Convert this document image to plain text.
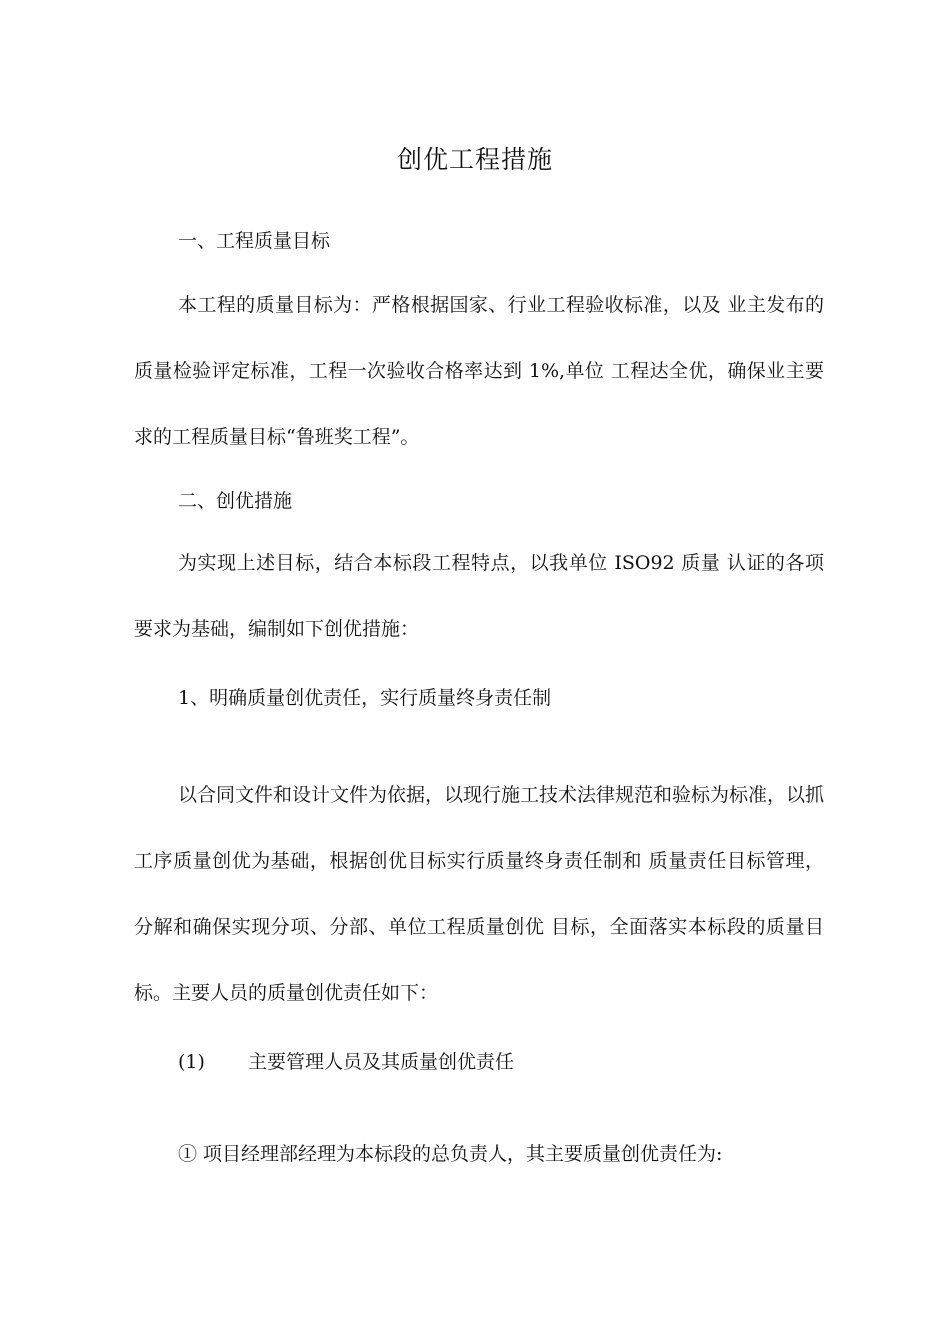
创优工程措施
一、工程质量目标
本工程的质量目标为：严格根据国家、行业工程验收标准，以及 业主发布的质量检验评定标准，工程一次验收合格率达到 1%,单位 工程达全优，确保业主要求的工程质量目标“鲁班奖工程”。
二、创优措施
为实现上述目标，结合本标段工程特点，以我单位 ISO92 质量 认证的各项要求为基础，编制如下创优措施：
1、明确质量创优责任，实行质量终身责任制
以合同文件和设计文件为依据，以现行施工技术法律规范和验标为标准，以抓工序质量创优为基础，根据创优目标实行质量终身责任制和 质量责任目标管理，分解和确保实现分项、分部、单位工程质量创优 目标，全面落实本标段的质量目标。主要人员的质量创优责任如下：
(1) 主要管理人员及其质量创优责任
① 项目经理部经理为本标段的总负责人，其主要质量创优责任为:
